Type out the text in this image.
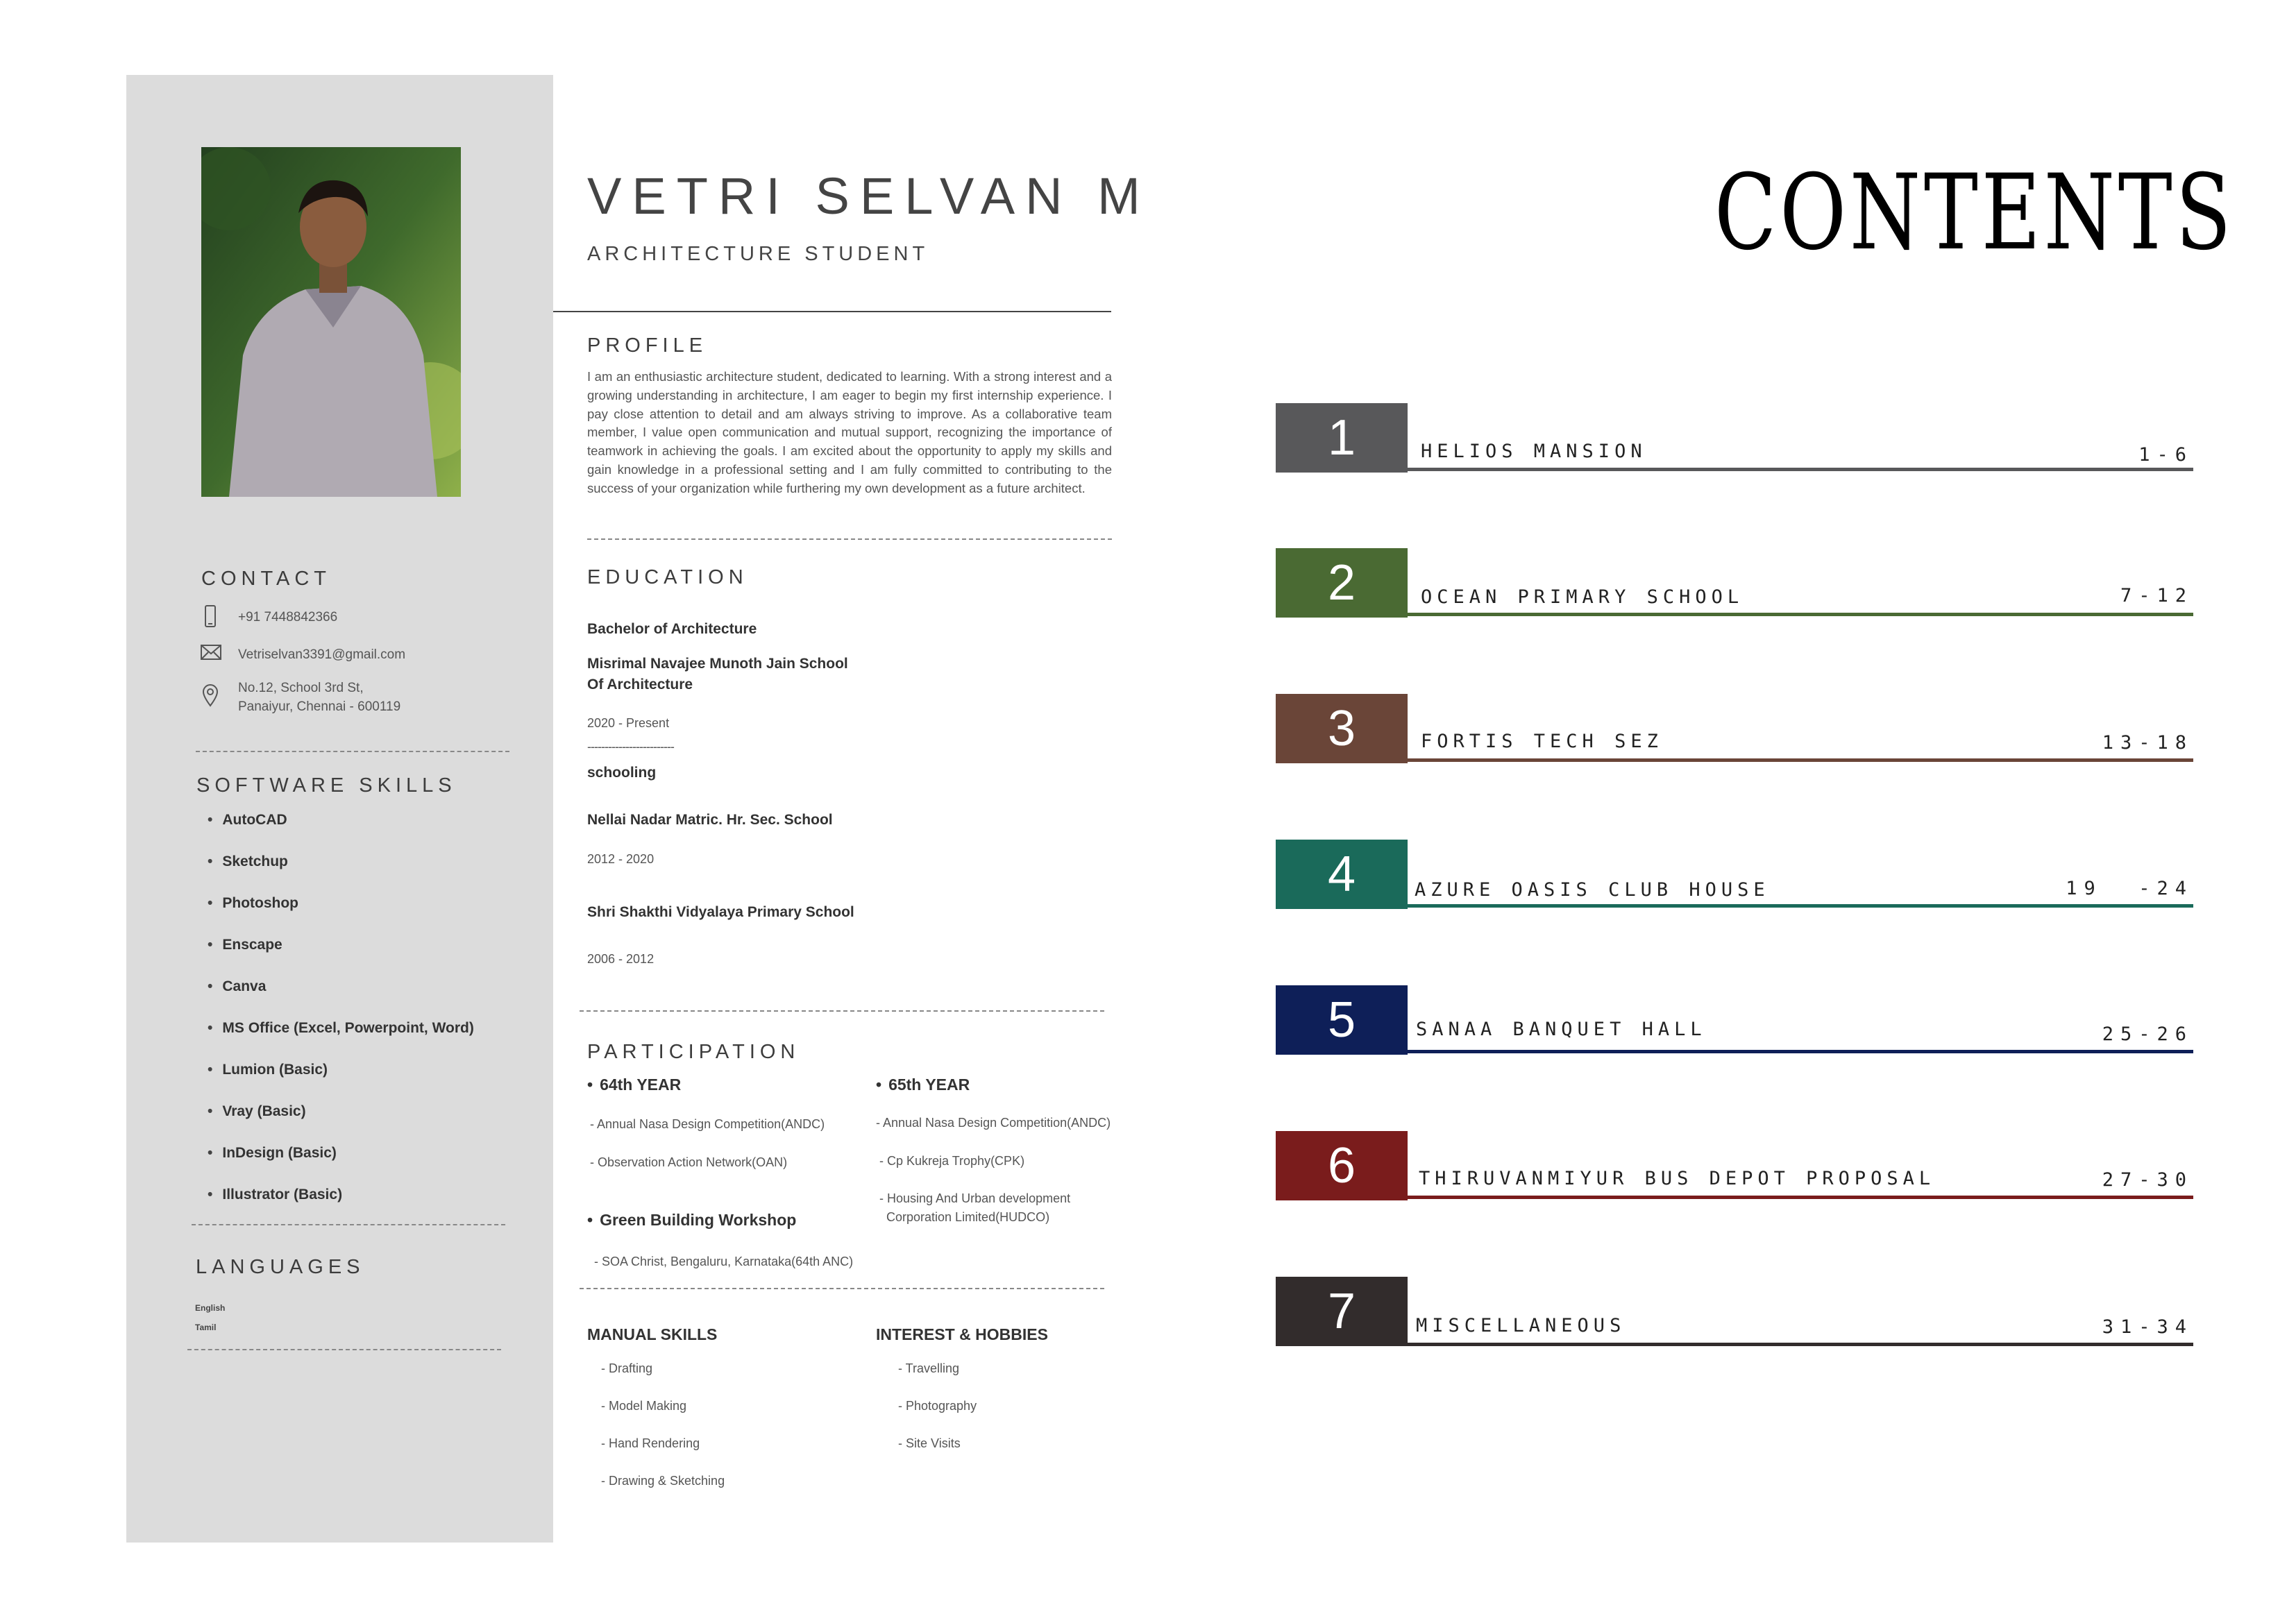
CONTACT
+91 7448842366
Vetriselvan3391@gmail.com
No.12, School 3rd St,
Panaiyur, Chennai - 600119
SOFTWARE SKILLS
• AutoCAD
• Sketchup
• Photoshop
• Enscape
• Canva
• MS Office (Excel, Powerpoint, Word)
• Lumion (Basic)
• Vray (Basic)
• InDesign (Basic)
• Illustrator (Basic)
LANGUAGES
English
Tamil
VETRI SELVAN M
ARCHITECTURE STUDENT
PROFILE
I am an enthusiastic architecture student, dedicated to learning. With a strong interest and a growing understanding in architecture, I am eager to begin my first internship experience. I pay close attention to detail and am always striving to improve. As a collaborative team member, I value open communication and mutual support, recognizing the importance of teamwork in achieving the goals. I am excited about the opportunity to apply my skills and gain knowledge in a professional setting and I am fully committed to contributing to the success of your organization while furthering my own development as a future architect.
EDUCATION
Bachelor of Architecture
Misrimal Navajee Munoth Jain School
Of Architecture
2020 - Present
-------------------------
schooling
Nellai Nadar Matric. Hr. Sec. School
2012 - 2020
Shri Shakthi Vidyalaya Primary School
2006 - 2012
PARTICIPATION
• 64th YEAR
- Annual Nasa Design Competition(ANDC)
- Observation Action Network(OAN)
• 65th YEAR
- Annual Nasa Design Competition(ANDC)
- Cp Kukreja Trophy(CPK)
- Housing And Urban development
Corporation Limited(HUDCO)
• Green Building Workshop
- SOA Christ, Bengaluru, Karnataka(64th ANC)
MANUAL SKILLS
- Drafting
- Model Making
- Hand Rendering
- Drawing & Sketching
INTEREST & HOBBIES
- Travelling
- Photography
- Site Visits
CONTENTS
1	HELIOS MANSION	1-6
2	OCEAN PRIMARY SCHOOL	7-12
3	FORTIS TECH SEZ	13-18
4	AZURE OASIS CLUB HOUSE	19  -24
5	SANAA BANQUET HALL	25-26
6	THIRUVANMIYUR BUS DEPOT PROPOSAL	27-30
7	MISCELLANEOUS	31-34
